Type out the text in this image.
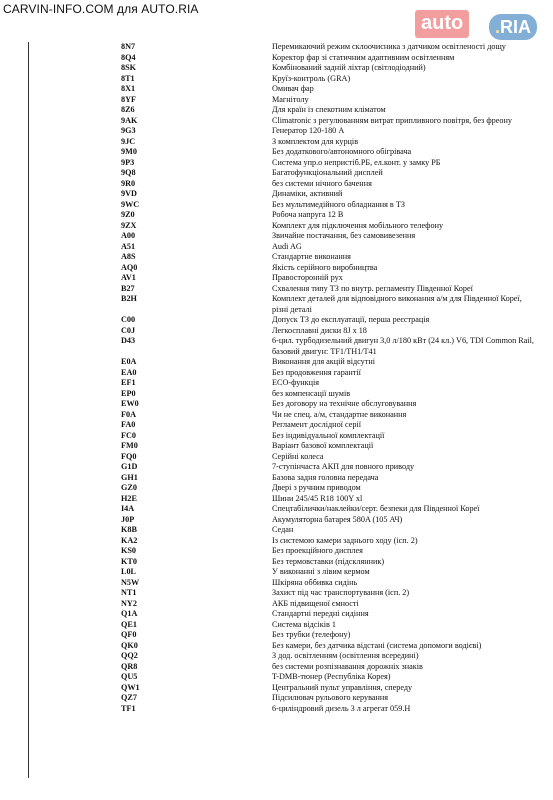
CARVIN-INFO.COM для AUTO.RIA
auto	.RIA
8N7	Перемикаючий режим склоочисника з датчиком освітленості дощу
8Q4	Коректор фар зі статичним адаптивним освітленням
8SK	Комбінований задній ліхтар (світлодіодний)
8T1	Круїз-контроль (GRA)
8X1	Омивач фар
8YF	Магнітолу
8Z6	Для країн із спекотним кліматом
9AK	Climatronic з регулюванням витрат припливного повітря, без фреону
9G3	Генератор 120-180 A
9JC	З комплектом для курців
9M0	Без додаткового/автономного обігрівача
9P3	Система упр.о непристіб.РБ, ел.конт. у замку РБ
9Q8	Багатофункціональний дисплей
9R0	без системи нічного бачення
9VD	Динаміки, активний
9WC	Без мультимедійного обладнання в ТЗ
9Z0	Робоча напруга 12 В
9ZX	Комплект для підключення мобільного телефону
A00	Звичайне постачання, без самовивезення
A51	Audi AG
A8S	Стандартне виконання
AQ0	Якість серійного виробництва
AV1	Правосторонній рух
B27	Схвалення типу ТЗ по внутр. регламенту Південної Кореї
B2H	Комплект деталей для відповідного виконання а/м для Південної Кореї, різні деталі
C00	Допуск ТЗ до експлуатації, перша реєстрація
C0J	Легкосплавні диски 8J x 18
D43	6-цил. турбодизельний двигун 3,0 л/180 кВт (24 кл.) V6, TDI Common Rail, базовий двигун: TF1/TH1/T41
E0A	Виконання для акцій відсутні
EA0	Без продовження гарантії
EF1	ECO-функція
EP0	без компенсації шумів
EW0	Без договору на технічне обслуговування
F0A	Чи не спец. а/м, стандартне виконання
FA0	Регламент дослідної серії
FC0	Без індивідуальної комплектації
FM0	Варіант базової комплектації
FQ0	Серійні колеса
G1D	7-ступінчаста АКП для повного приводу
GH1	Базова задня головна передача
GZ0	Двері з ручним приводом
H2E	Шини 245/45 R18 100Y xl
I4A	Спецтабілички/наклейки/серт. безпеки для Південної Кореї
J0P	Акумуляторна батарея 580A (105 АЧ)
K8B	Седан
KA2	Із системою камери заднього ходу (ісп. 2)
KS0	Без проекційного дисплея
KT0	Без термовставки (підсклянник)
L0L	У виконанні з лівим кермом
N5W	Шкіряна оббивка сидінь
NT1	Захист під час транспортування (ісп. 2)
NY2	АКБ підвищеної ємності
Q1A	Стандартні передні сидіння
QE1	Система відсіків 1
QF0	Без трубки (телефону)
QK0	Без камери, без датчика відстані (система допомоги водієві)
QQ2	З дод. освітленням (освітлення всередині)
QR8	без системи розпізнавання дорожніх знаків
QU5	T-DMB-тюнер (Республіка Корея)
QW1	Центральний пульт управління, спереду
QZ7	Підсилювач рульового керування
TF1	6-циліндровий дизель 3 л агрегат 059.H
